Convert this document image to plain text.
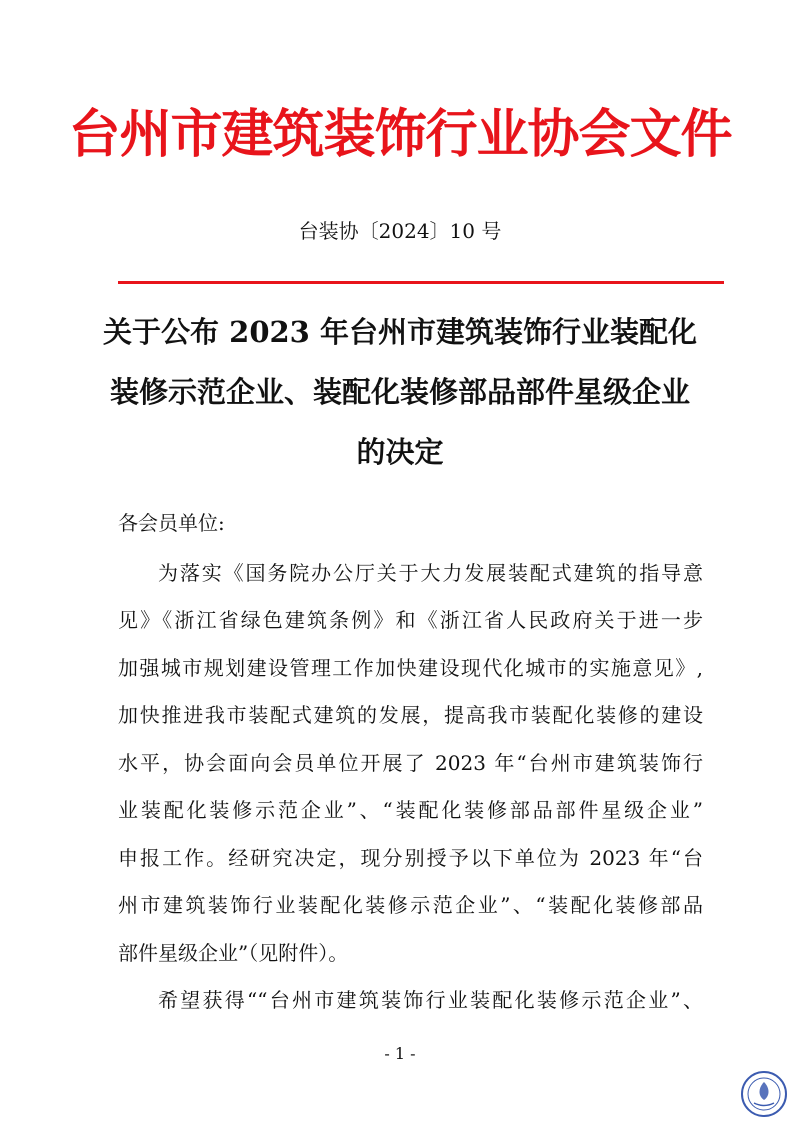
台州市建筑装饰行业协会文件
台装协〔2024〕10 号
关于公布 2023 年台州市建筑装饰行业装配化
装修示范企业、装配化装修部品部件星级企业
的决定

各会员单位:

为落实《国务院办公厅关于大力发展装配式建筑的指导意
见》《浙江省绿色建筑条例》和《浙江省人民政府关于进一步
加强城市规划建设管理工作加快建设现代化城市的实施意见》,
加快推进我市装配式建筑的发展，提高我市装配化装修的建设
水平，协会面向会员单位开展了 2023 年“台州市建筑装饰行
业装配化装修示范企业”、“装配化装修部品部件星级企业”
申报工作。经研究决定，现分别授予以下单位为 2023 年“台
州市建筑装饰行业装配化装修示范企业”、“装配化装修部品
部件星级企业”（见附件）。

希望获得““台州市建筑装饰行业装配化装修示范企业”、

- 1 -
